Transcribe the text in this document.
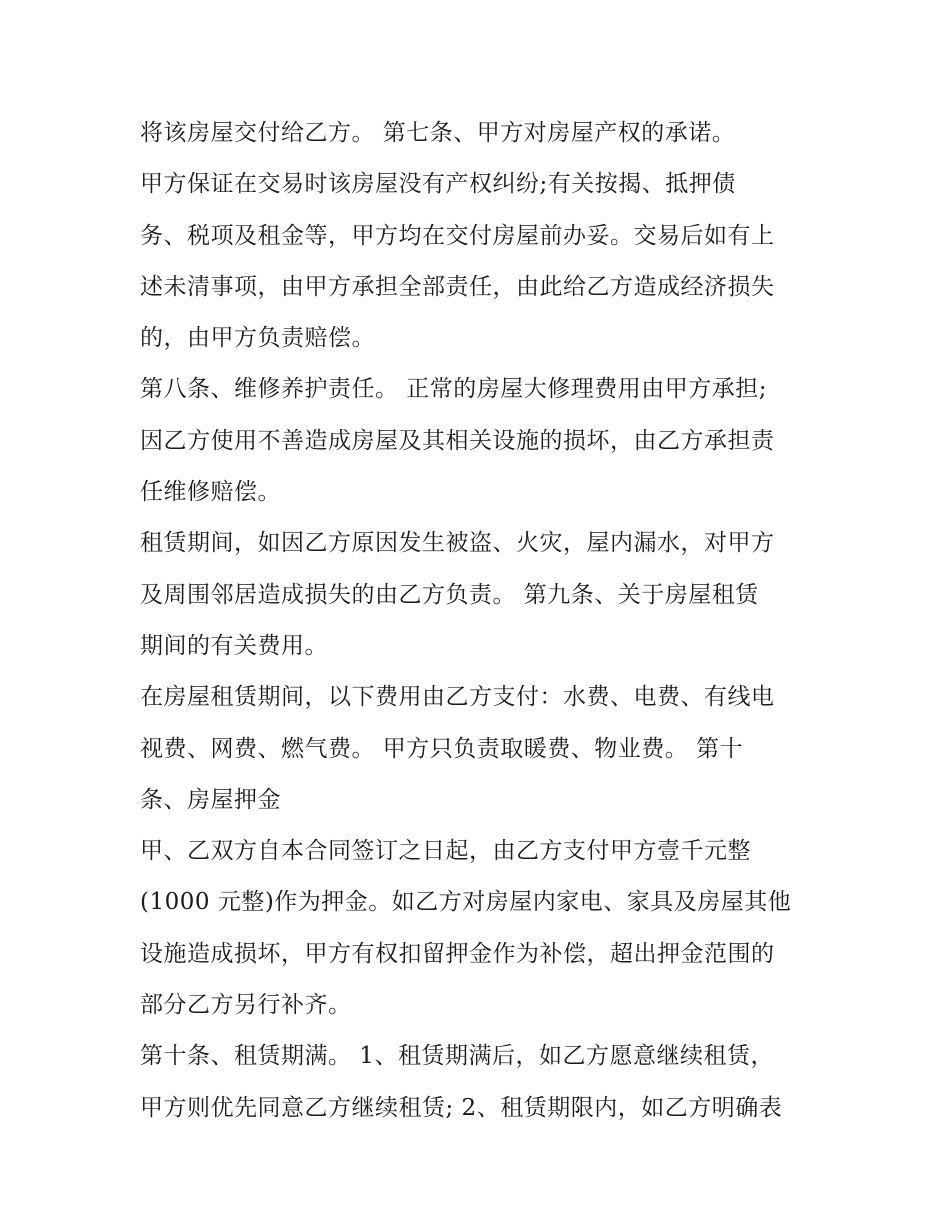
将该房屋交付给乙方。 第七条、甲方对房屋产权的承诺。
甲方保证在交易时该房屋没有产权纠纷;有关按揭、抵押债
务、税项及租金等，甲方均在交付房屋前办妥。交易后如有上
述未清事项，由甲方承担全部责任，由此给乙方造成经济损失
的，由甲方负责赔偿。
第八条、维修养护责任。 正常的房屋大修理费用由甲方承担;
因乙方使用不善造成房屋及其相关设施的损坏，由乙方承担责
任维修赔偿。
租赁期间，如因乙方原因发生被盗、火灾，屋内漏水，对甲方
及周围邻居造成损失的由乙方负责。 第九条、关于房屋租赁
期间的有关费用。
在房屋租赁期间，以下费用由乙方支付：水费、电费、有线电
视费、网费、燃气费。 甲方只负责取暖费、物业费。 第十
条、房屋押金
甲、乙双方自本合同签订之日起，由乙方支付甲方壹千元整
(1000 元整)作为押金。如乙方对房屋内家电、家具及房屋其他
设施造成损坏，甲方有权扣留押金作为补偿，超出押金范围的
部分乙方另行补齐。
第十条、租赁期满。 1、租赁期满后，如乙方愿意继续租赁，
甲方则优先同意乙方继续租赁; 2、租赁期限内，如乙方明确表
